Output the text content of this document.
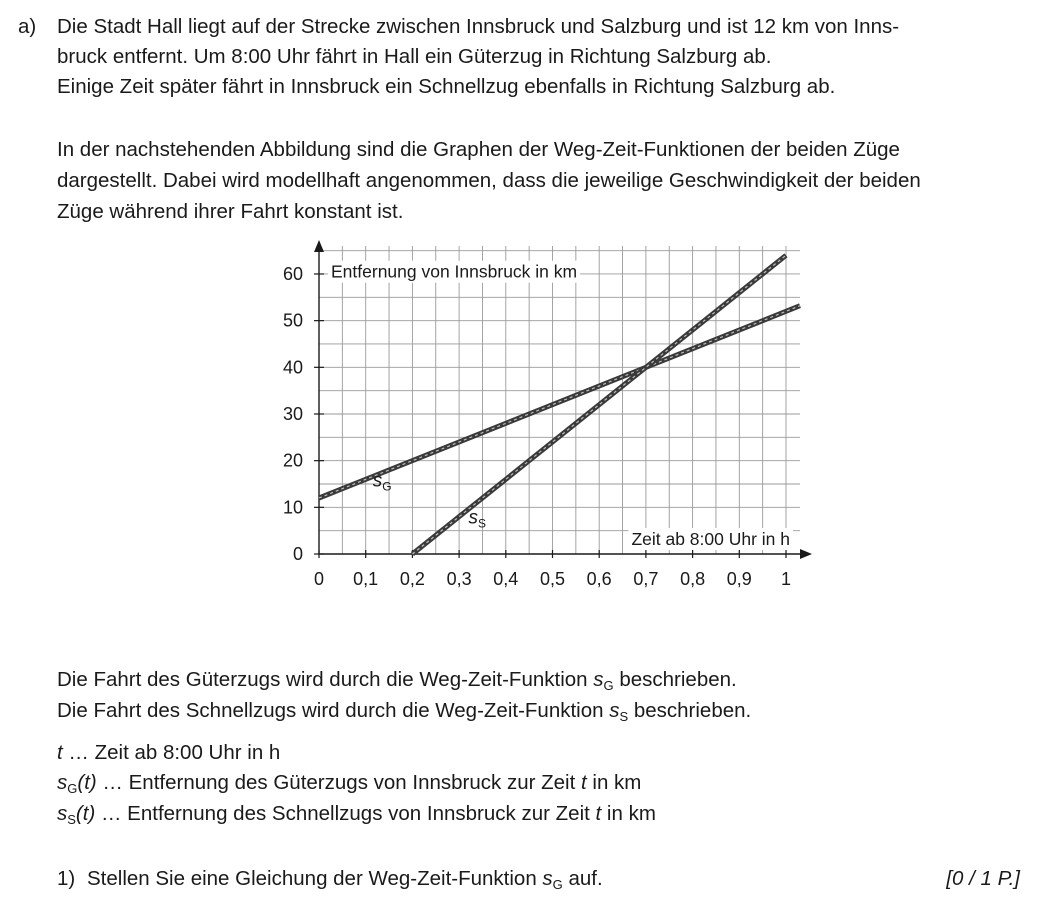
a) Die Stadt Hall liegt auf der Strecke zwischen Innsbruck und Salzburg und ist 12 km von Inns-

bruck entfernt. Um 8:00 Uhr fährt in Hall ein Güterzug in Richtung Salzburg ab.

Einige Zeit später fährt in Innsbruck ein Schnellzug ebenfalls in Richtung Salzburg ab.

In der nachstehenden Abbildung sind die Graphen der Weg-Zeit-Funktionen der beiden Züge

dargestellt. Dabei wird modellhaft angenommen, dass die jeweilige Geschwindigkeit der beiden

Züge während ihrer Fahrt konstant ist.

0 0,1 0,2 0,3 0,4 0,5 0,6 0,7 0,8 0,9 1
0
10
20
30
40
50
60
$s_G$
$s_S$
Entfernung von Innsbruck in km
Zeit ab 8:00 Uhr in h

Die Fahrt des Güterzugs wird durch die Weg-Zeit-Funktion $s_G$ beschrieben.

Die Fahrt des Schnellzugs wird durch die Weg-Zeit-Funktion $s_S$ beschrieben.

t … Zeit ab 8:00 Uhr in h

$s_G(t)$ … Entfernung des Güterzugs von Innsbruck zur Zeit t in km

$s_S(t)$ … Entfernung des Schnellzugs von Innsbruck zur Zeit t in km

1) Stellen Sie eine Gleichung der Weg-Zeit-Funktion $s_G$ auf.	[0 / 1 P.]
